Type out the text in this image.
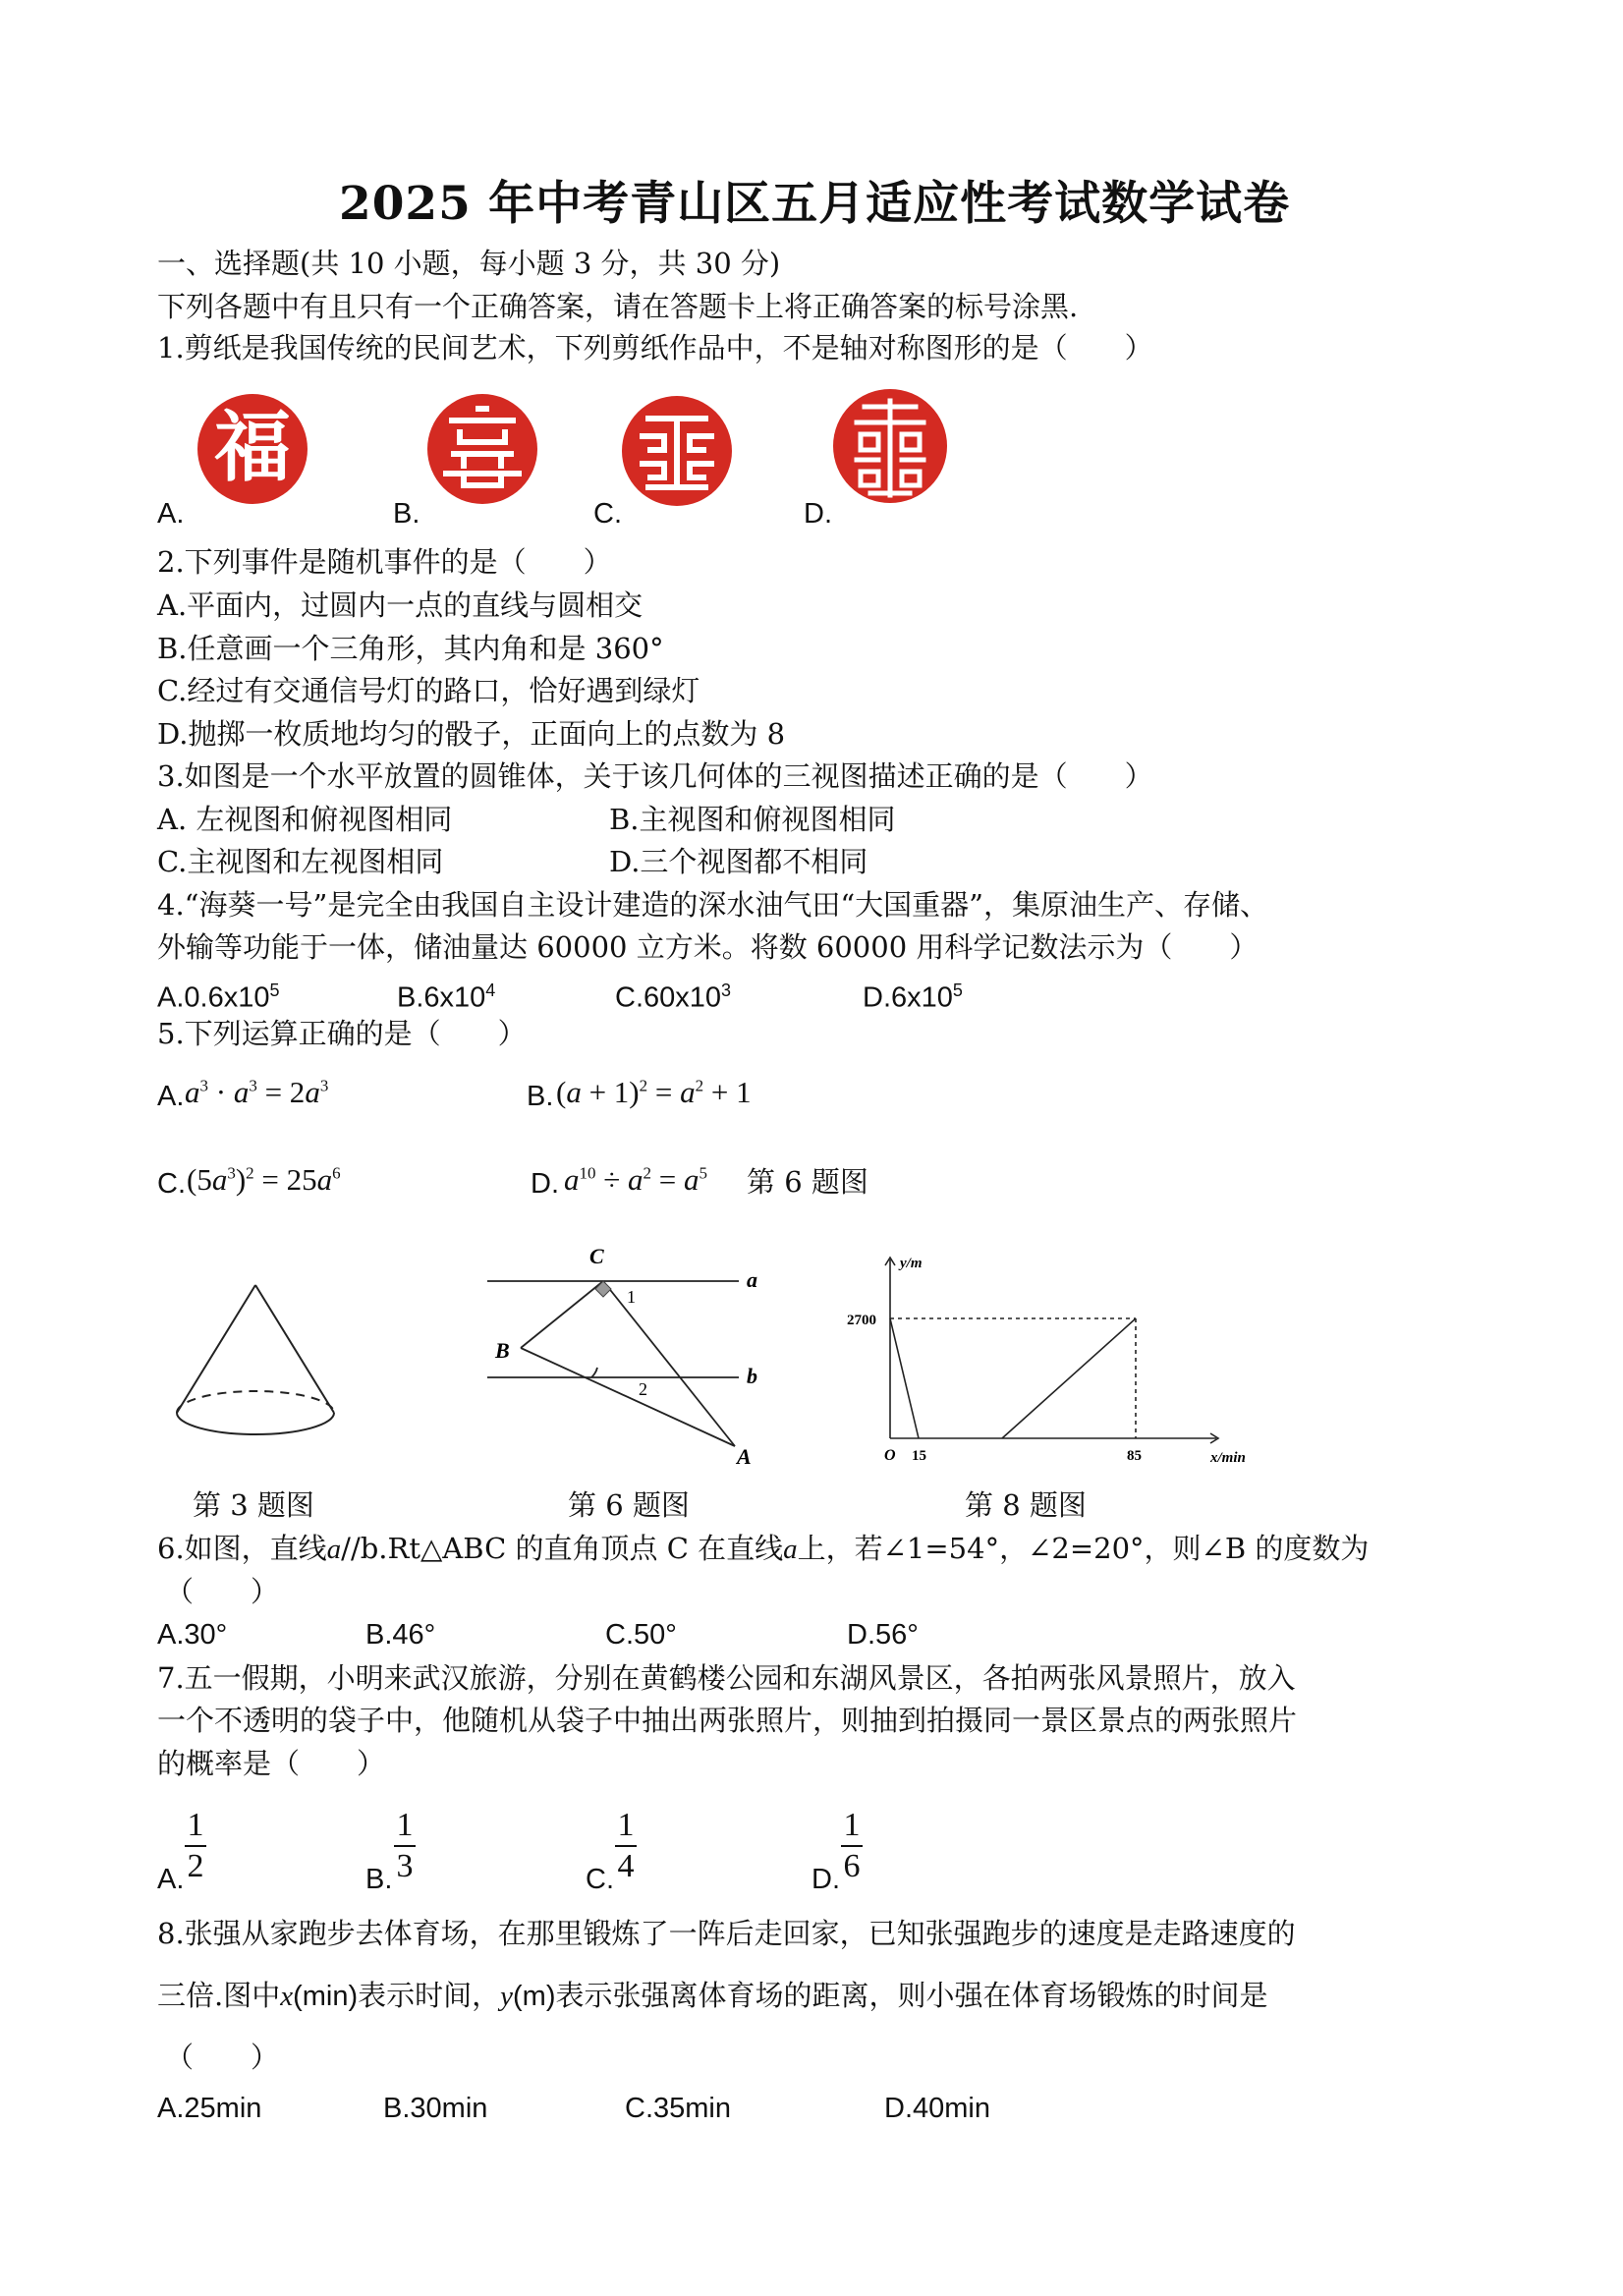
2025 年中考青山区五月适应性考试数学试卷
一、选择题(共 10 小题，每小题 3 分，共 30 分)
下列各题中有且只有一个正确答案，请在答题卡上将正确答案的标号涂黑.
1.剪纸是我国传统的民间艺术，下列剪纸作品中，不是轴对称图形的是（　　）
福
A.	B.	C.	D.
2.下列事件是随机事件的是（　　）
A.平面内，过圆内一点的直线与圆相交
B.任意画一个三角形，其内角和是 360°
C.经过有交通信号灯的路口，恰好遇到绿灯
D.抛掷一枚质地均匀的骰子，正面向上的点数为 8
3.如图是一个水平放置的圆锥体，关于该几何体的三视图描述正确的是（　　）
A. 左视图和俯视图相同	B.主视图和俯视图相同
C.主视图和左视图相同	D.三个视图都不相同
4.“海葵一号”是完全由我国自主设计建造的深水油气田“大国重器”，集原油生产、存储、
外输等功能于一体，储油量达 60000 立方米。将数 60000 用科学记数法示为（　　）
$A.0.6x10^5$	$B.6x10^4$	$C.60x10^3$	$D.6x10^5$
5.下列运算正确的是（　　）
A. $a^3 \cdot a^3 = 2a^3$	B. $(a + 1)^2 = a^2 + 1$
C. $(5a^3)^2 = 25a^6$	D. $a^{10} \div a^2 = a^5$ 第 6 题图
C
a
1
B
b
2
A
y/m
2700
O 15	85	x/min
第 3 题图	第 6 题图	第 8 题图
6.如图，直线a//b.Rt△ABC 的直角顶点 C 在直线a上，若∠1=54°，∠2=20°，则∠B 的度数为
（　　）
A.30°	B.46°	C.50°	D.56°
7.五一假期，小明来武汉旅游，分别在黄鹤楼公园和东湖风景区，各拍两张风景照片，放入
一个不透明的袋子中，他随机从袋子中抽出两张照片，则抽到拍摄同一景区景点的两张照片
的概率是（　　）
A.
1
2	B.
1
3	C.
1
4	D.
1
6
8.张强从家跑步去体育场，在那里锻炼了一阵后走回家，已知张强跑步的速度是走路速度的
三倍.图中x(min)表示时间，y(m)表示张强离体育场的距离，则小强在体育场锻炼的时间是
（　　）
A.25min	B.30min	C.35min	D.40min
